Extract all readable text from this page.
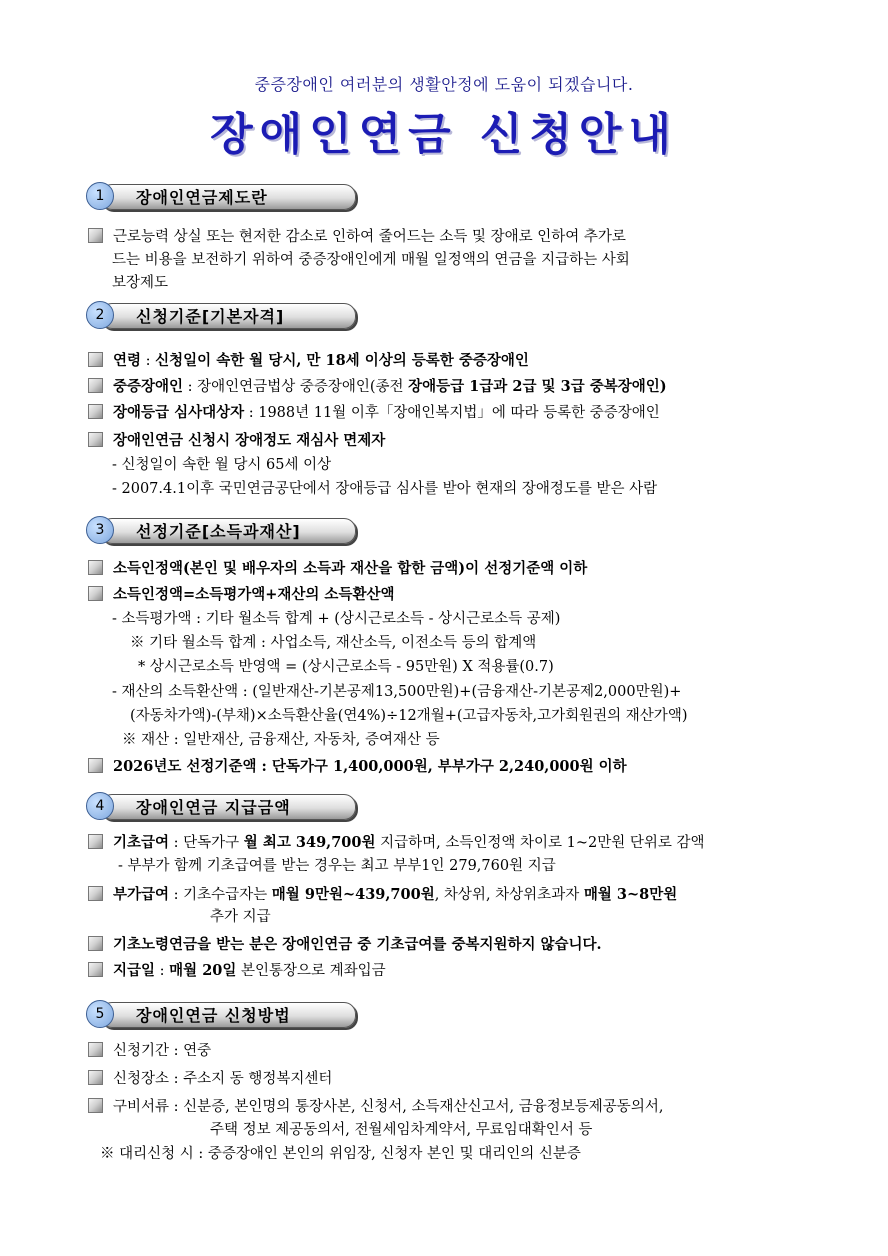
중증장애인 여러분의 생활안정에 도움이 되겠습니다.
장애인연금 신청안내
1	장애인연금제도란
근로능력 상실 또는 현저한 감소로 인하여 줄어드는 소득 및 장애로 인하여 추가로
드는 비용을 보전하기 위하여 중증장애인에게 매월 일정액의 연금을 지급하는 사회
보장제도
2	신청기준[기본자격]
연령 : 신청일이 속한 월 당시, 만 18세 이상의 등록한 중증장애인
중증장애인 : 장애인연금법상 중증장애인(종전 장애등급 1급과 2급 및 3급 중복장애인)
장애등급 심사대상자 : 1988년 11월 이후「장애인복지법」에 따라 등록한 중증장애인
장애인연금 신청시 장애정도 재심사 면제자
- 신청일이 속한 월 당시 65세 이상
- 2007.4.1이후 국민연금공단에서 장애등급 심사를 받아 현재의 장애정도를 받은 사람
3	선정기준[소득과재산]
소득인정액(본인 및 배우자의 소득과 재산을 합한 금액)이 선정기준액 이하
소득인정액=소득평가액+재산의 소득환산액
- 소득평가액 : 기타 월소득 합계 + (상시근로소득 - 상시근로소득 공제)
※ 기타 월소득 합계 : 사업소득, 재산소득, 이전소득 등의 합계액
* 상시근로소득 반영액 = (상시근로소득 - 95만원) X 적용률(0.7)
- 재산의 소득환산액 : (일반재산-기본공제13,500만원)+(금융재산-기본공제2,000만원)+
(자동차가액)-(부채)×소득환산율(연4%)÷12개월+(고급자동차,고가회원권의 재산가액)
※ 재산 : 일반재산, 금융재산, 자동차, 증여재산 등
2026년도 선정기준액 : 단독가구 1,400,000원, 부부가구 2,240,000원 이하
4	장애인연금 지급금액
기초급여 : 단독가구 월 최고 349,700원 지급하며, 소득인정액 차이로 1~2만원 단위로 감액
- 부부가 함께 기초급여를 받는 경우는 최고 부부1인 279,760원 지급
부가급여 : 기초수급자는 매월 9만원~439,700원, 차상위, 차상위초과자 매월 3~8만원
추가 지급
기초노령연금을 받는 분은 장애인연금 중 기초급여를 중복지원하지 않습니다.
지급일 : 매월 20일 본인통장으로 계좌입금
5	장애인연금 신청방법
신청기간 : 연중
신청장소 : 주소지 동 행정복지센터
구비서류 : 신분증, 본인명의 통장사본, 신청서, 소득재산신고서, 금융정보등제공동의서,
주택 정보 제공동의서, 전월세임차계약서, 무료임대확인서 등
※ 대리신청 시 : 중증장애인 본인의 위임장, 신청자 본인 및 대리인의 신분증
